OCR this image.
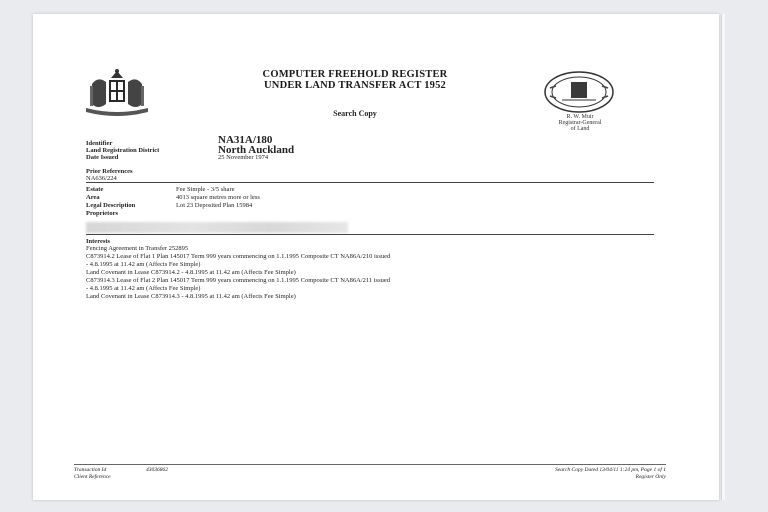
COMPUTER FREEHOLD REGISTER
UNDER LAND TRANSFER ACT 1952
Search Copy	R. W. Muir
Registrar-General
of Land
Identifier	NA31A/180
Land Registration District	North Auckland
Date Issued	25 November 1974
Prior References
NA636/224
Estate	Fee Simple - 3/5 share
Area	4013 square metres more or less
Legal Description	Lot 23 Deposited Plan 15984
Proprietors
Interests
Fencing Agreement in Transfer 252895
C873914.2 Lease of Flat 1 Plan 145017 Term 999 years commencing on 1.1.1995 Composite CT NA86A/210 issued
- 4.8.1995 at 11.42 am (Affects Fee Simple)
Land Covenant in Lease C873914.2 - 4.8.1995 at 11.42 am (Affects Fee Simple)
C873914.3 Lease of Flat 2 Plan 145017 Term 999 years commencing on 1.1.1995 Composite CT NA86A/211 issued
- 4.8.1995 at 11.42 am (Affects Fee Simple)
Land Covenant in Lease C873914.3 - 4.8.1995 at 11.42 am (Affects Fee Simple)
Transaction Id	43036862
Client Reference
Search Copy Dated 13/04/11 1:24 pm, Page 1 of 1
Register Only
